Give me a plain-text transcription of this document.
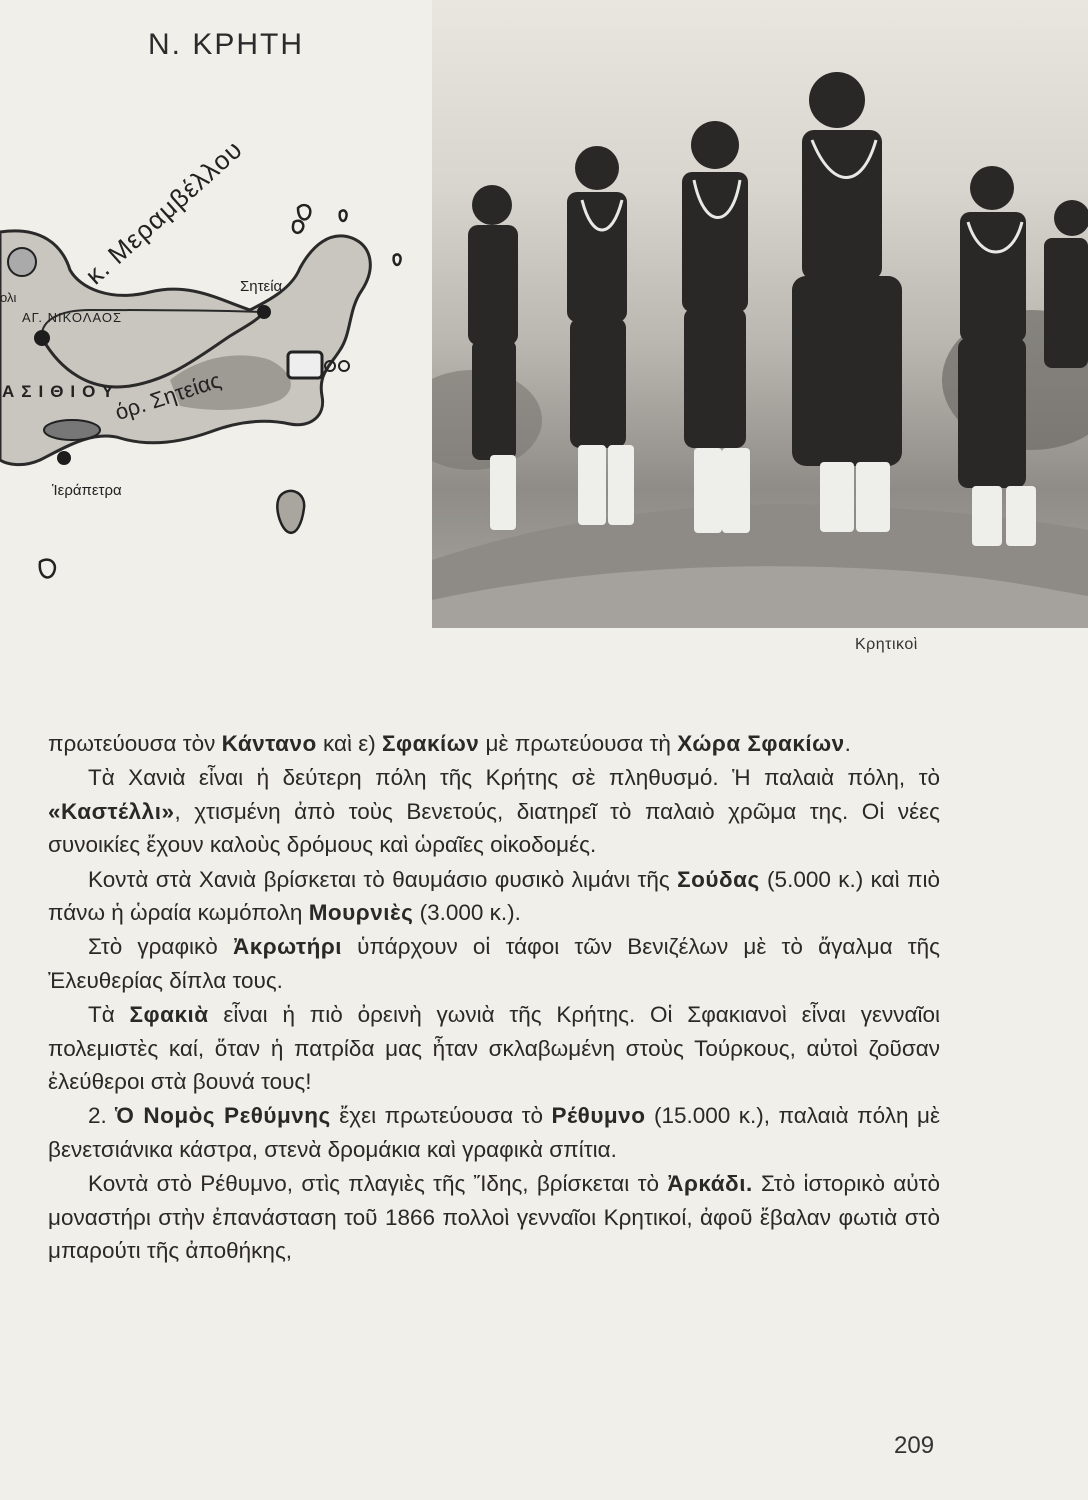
Ν. ΚΡΗΤΗ
κ. Μεραμβέλλου
Σητεία
ολι
ΑΓ. ΝΙΚΟΛΑΟΣ
ΑΣΙΘΙΟΥ
όρ. Σητείας
Ἱεράπετρα
Κρητικοὶ

πρωτεύουσα τὸν Κάντανο καὶ ε) Σφακίων μὲ πρωτεύουσα τὴ Χώρα Σφακίων.

Τὰ Χανιὰ εἶναι ἡ δεύτερη πόλη τῆς Κρήτης σὲ πληθυσμό. Ἡ παλαιὰ πόλη, τὸ «Καστέλλι», χτισμένη ἀπὸ τοὺς Βενετούς, διατηρεῖ τὸ παλαιὸ χρῶμα της. Οἱ νέες συνοικίες ἔχουν καλοὺς δρόμους καὶ ὡραῖες οἰκοδομές.

Κοντὰ στὰ Χανιὰ βρίσκεται τὸ θαυμάσιο φυσικὸ λιμάνι τῆς Σούδας (5.000 κ.) καὶ πιὸ πάνω ἡ ὡραία κωμόπολη Μουρνιὲς (3.000 κ.).

Στὸ γραφικὸ Ἀκρωτήρι ὑπάρχουν οἱ τάφοι τῶν Βενιζέλων μὲ τὸ ἄγαλμα τῆς Ἐλευθερίας δίπλα τους.

Τὰ Σφακιὰ εἶναι ἡ πιὸ ὀρεινὴ γωνιὰ τῆς Κρήτης. Οἱ Σφακιανοὶ εἶναι γενναῖοι πολεμιστὲς καί, ὅταν ἡ πατρίδα μας ἦταν σκλαβωμένη στοὺς Τούρκους, αὐτοὶ ζοῦσαν ἐλεύθεροι στὰ βουνά τους!

2. Ὁ Νομὸς Ρεθύμνης ἔχει πρωτεύουσα τὸ Ρέθυμνο (15.000 κ.), παλαιὰ πόλη μὲ βενετσιάνικα κάστρα, στενὰ δρομάκια καὶ γραφικὰ σπίτια.

Κοντὰ στὸ Ρέθυμνο, στὶς πλαγιὲς τῆς Ἴδης, βρίσκεται τὸ Ἀρκάδι. Στὸ ἱστορικὸ αὐτὸ μοναστήρι στὴν ἐπανάσταση τοῦ 1866 πολλοὶ γενναῖοι Κρητικοί, ἀφοῦ ἔβαλαν φωτιὰ στὸ μπαρούτι τῆς ἀποθήκης,

209
